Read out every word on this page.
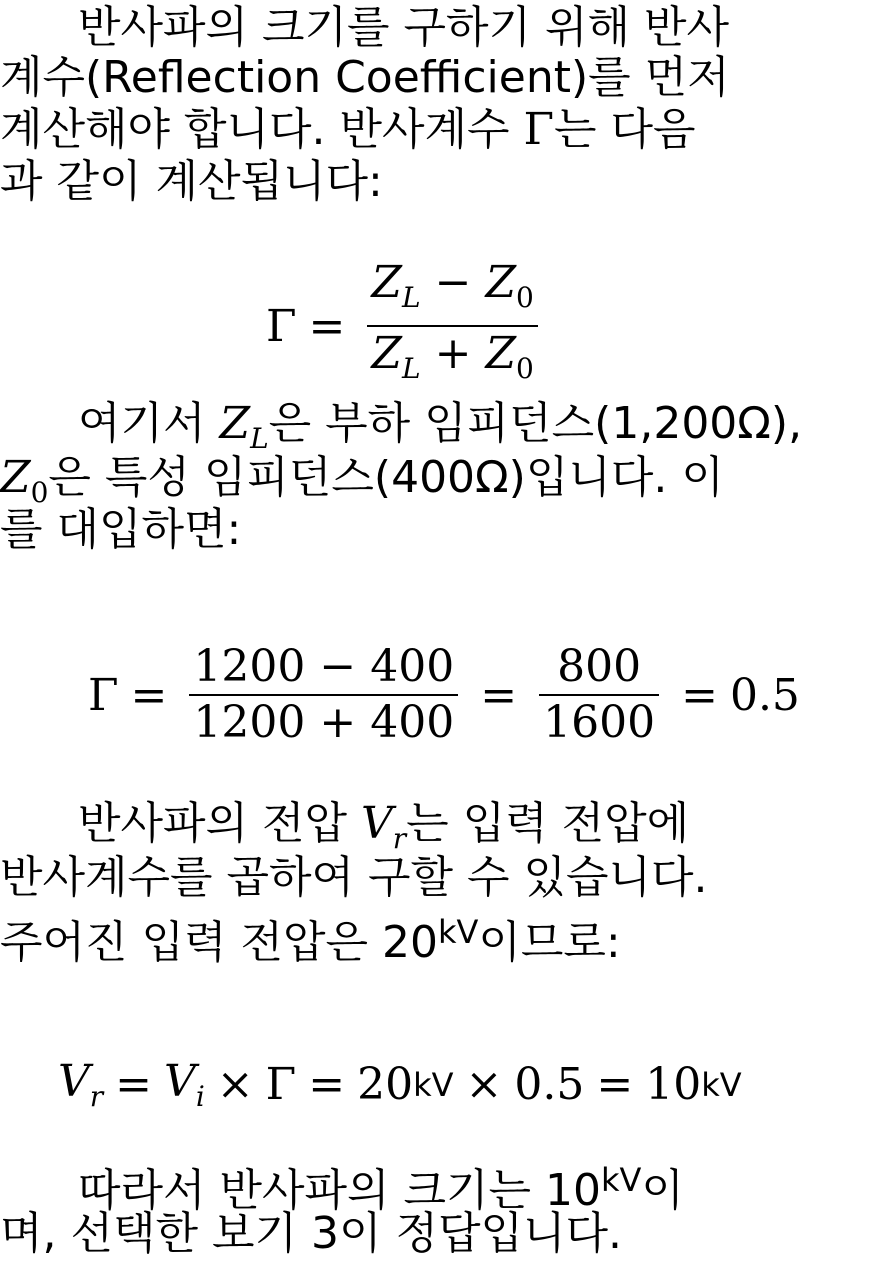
반사파의 크기를 구하기 위해 반사
계수(Reflection Coefficient)를 먼저
계산해야 합니다. 반사계수 Γ는 다음
과 같이 계산됩니다:
$\Gamma = \frac{Z_L - Z_0}{Z_L + Z_0}$
여기서 $Z_L$은 부하 임피던스(1,200Ω),
$Z_0$은 특성 임피던스(400Ω)입니다. 이
를 대입하면:
$\Gamma = \frac{1200 - 400}{1200 + 400} = \frac{800}{1600} = 0.5$
반사파의 전압 $V_r$는 입력 전압에
반사계수를 곱하여 구할 수 있습니다.
주어진 입력 전압은 $20^{kV}$이므로:
$V_r = V_i \times \Gamma = 20$ kV × 0.5 = 10 kV
따라서 반사파의 크기는 $10^{kV}$이
며, 선택한 보기 3이 정답입니다.
